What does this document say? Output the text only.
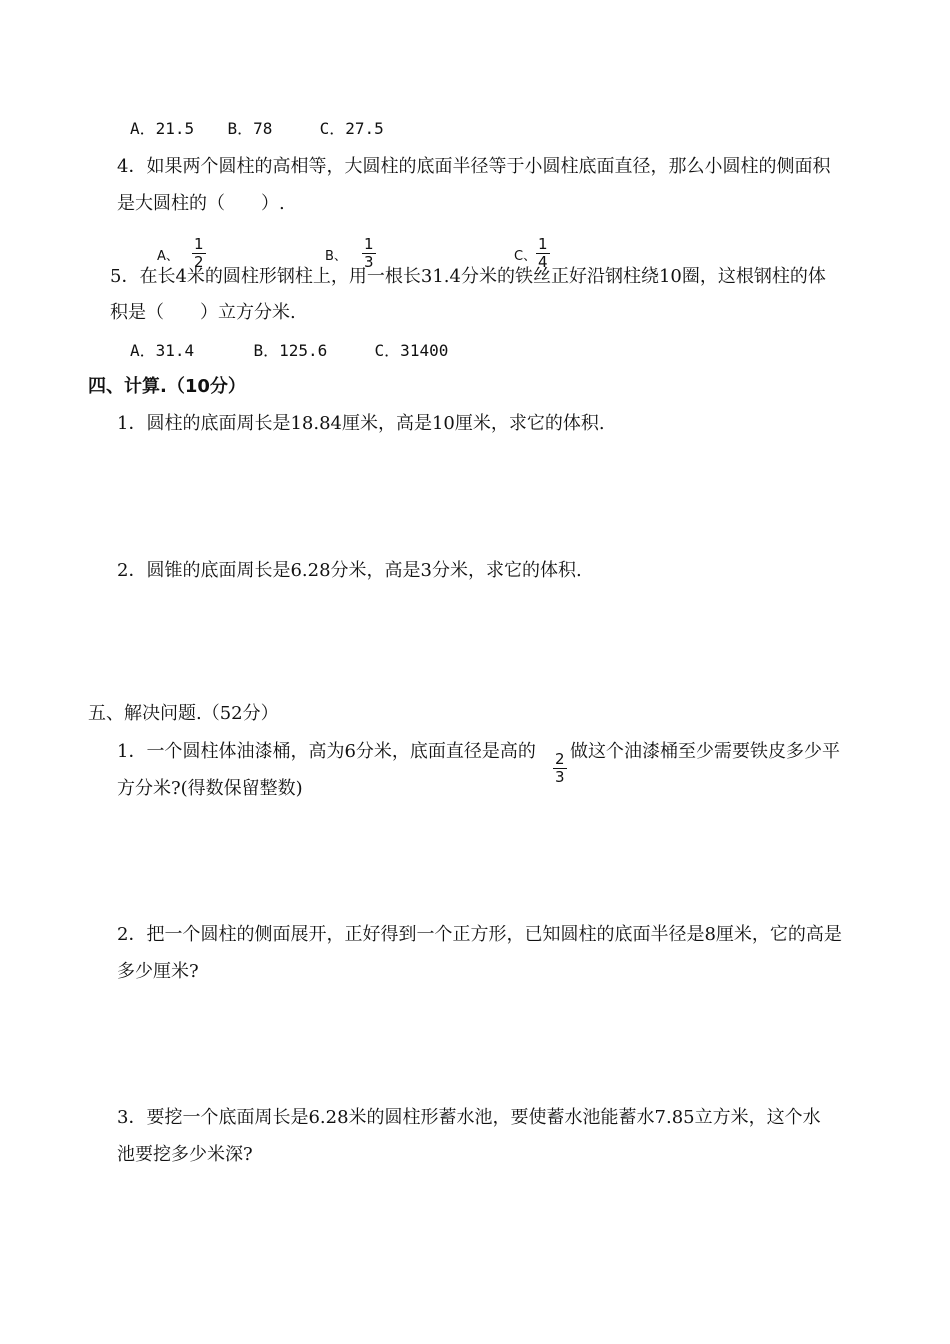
A．21.5 B．78	C．27.5
4．如果两个圆柱的高相等，大圆柱的底面半径等于小圆柱底面直径，那么小圆柱的侧面积
是大圆柱的（　　）.
A、
1
2	B、
1
3	C、
1
4
5．在长4米的圆柱形钢柱上，用一根长31.4分米的铁丝正好沿钢柱绕10圈，这根钢柱的体
积是（　　）立方分米.
A．31.4	B．125.6	C．31400
四、计算.（10分）
1．圆柱的底面周长是18.84厘米，高是10厘米，求它的体积.
2．圆锥的底面周长是6.28分米，高是3分米，求它的体积.
五、解决问题.（52分）
1．一个圆柱体油漆桶，高为6分米，底面直径是高的 2
3
做这个油漆桶至少需要铁皮多少平
方分米?(得数保留整数)
2．把一个圆柱的侧面展开，正好得到一个正方形，已知圆柱的底面半径是8厘米，它的高是
多少厘米?
3．要挖一个底面周长是6.28米的圆柱形蓄水池，要使蓄水池能蓄水7.85立方米，这个水
池要挖多少米深?
